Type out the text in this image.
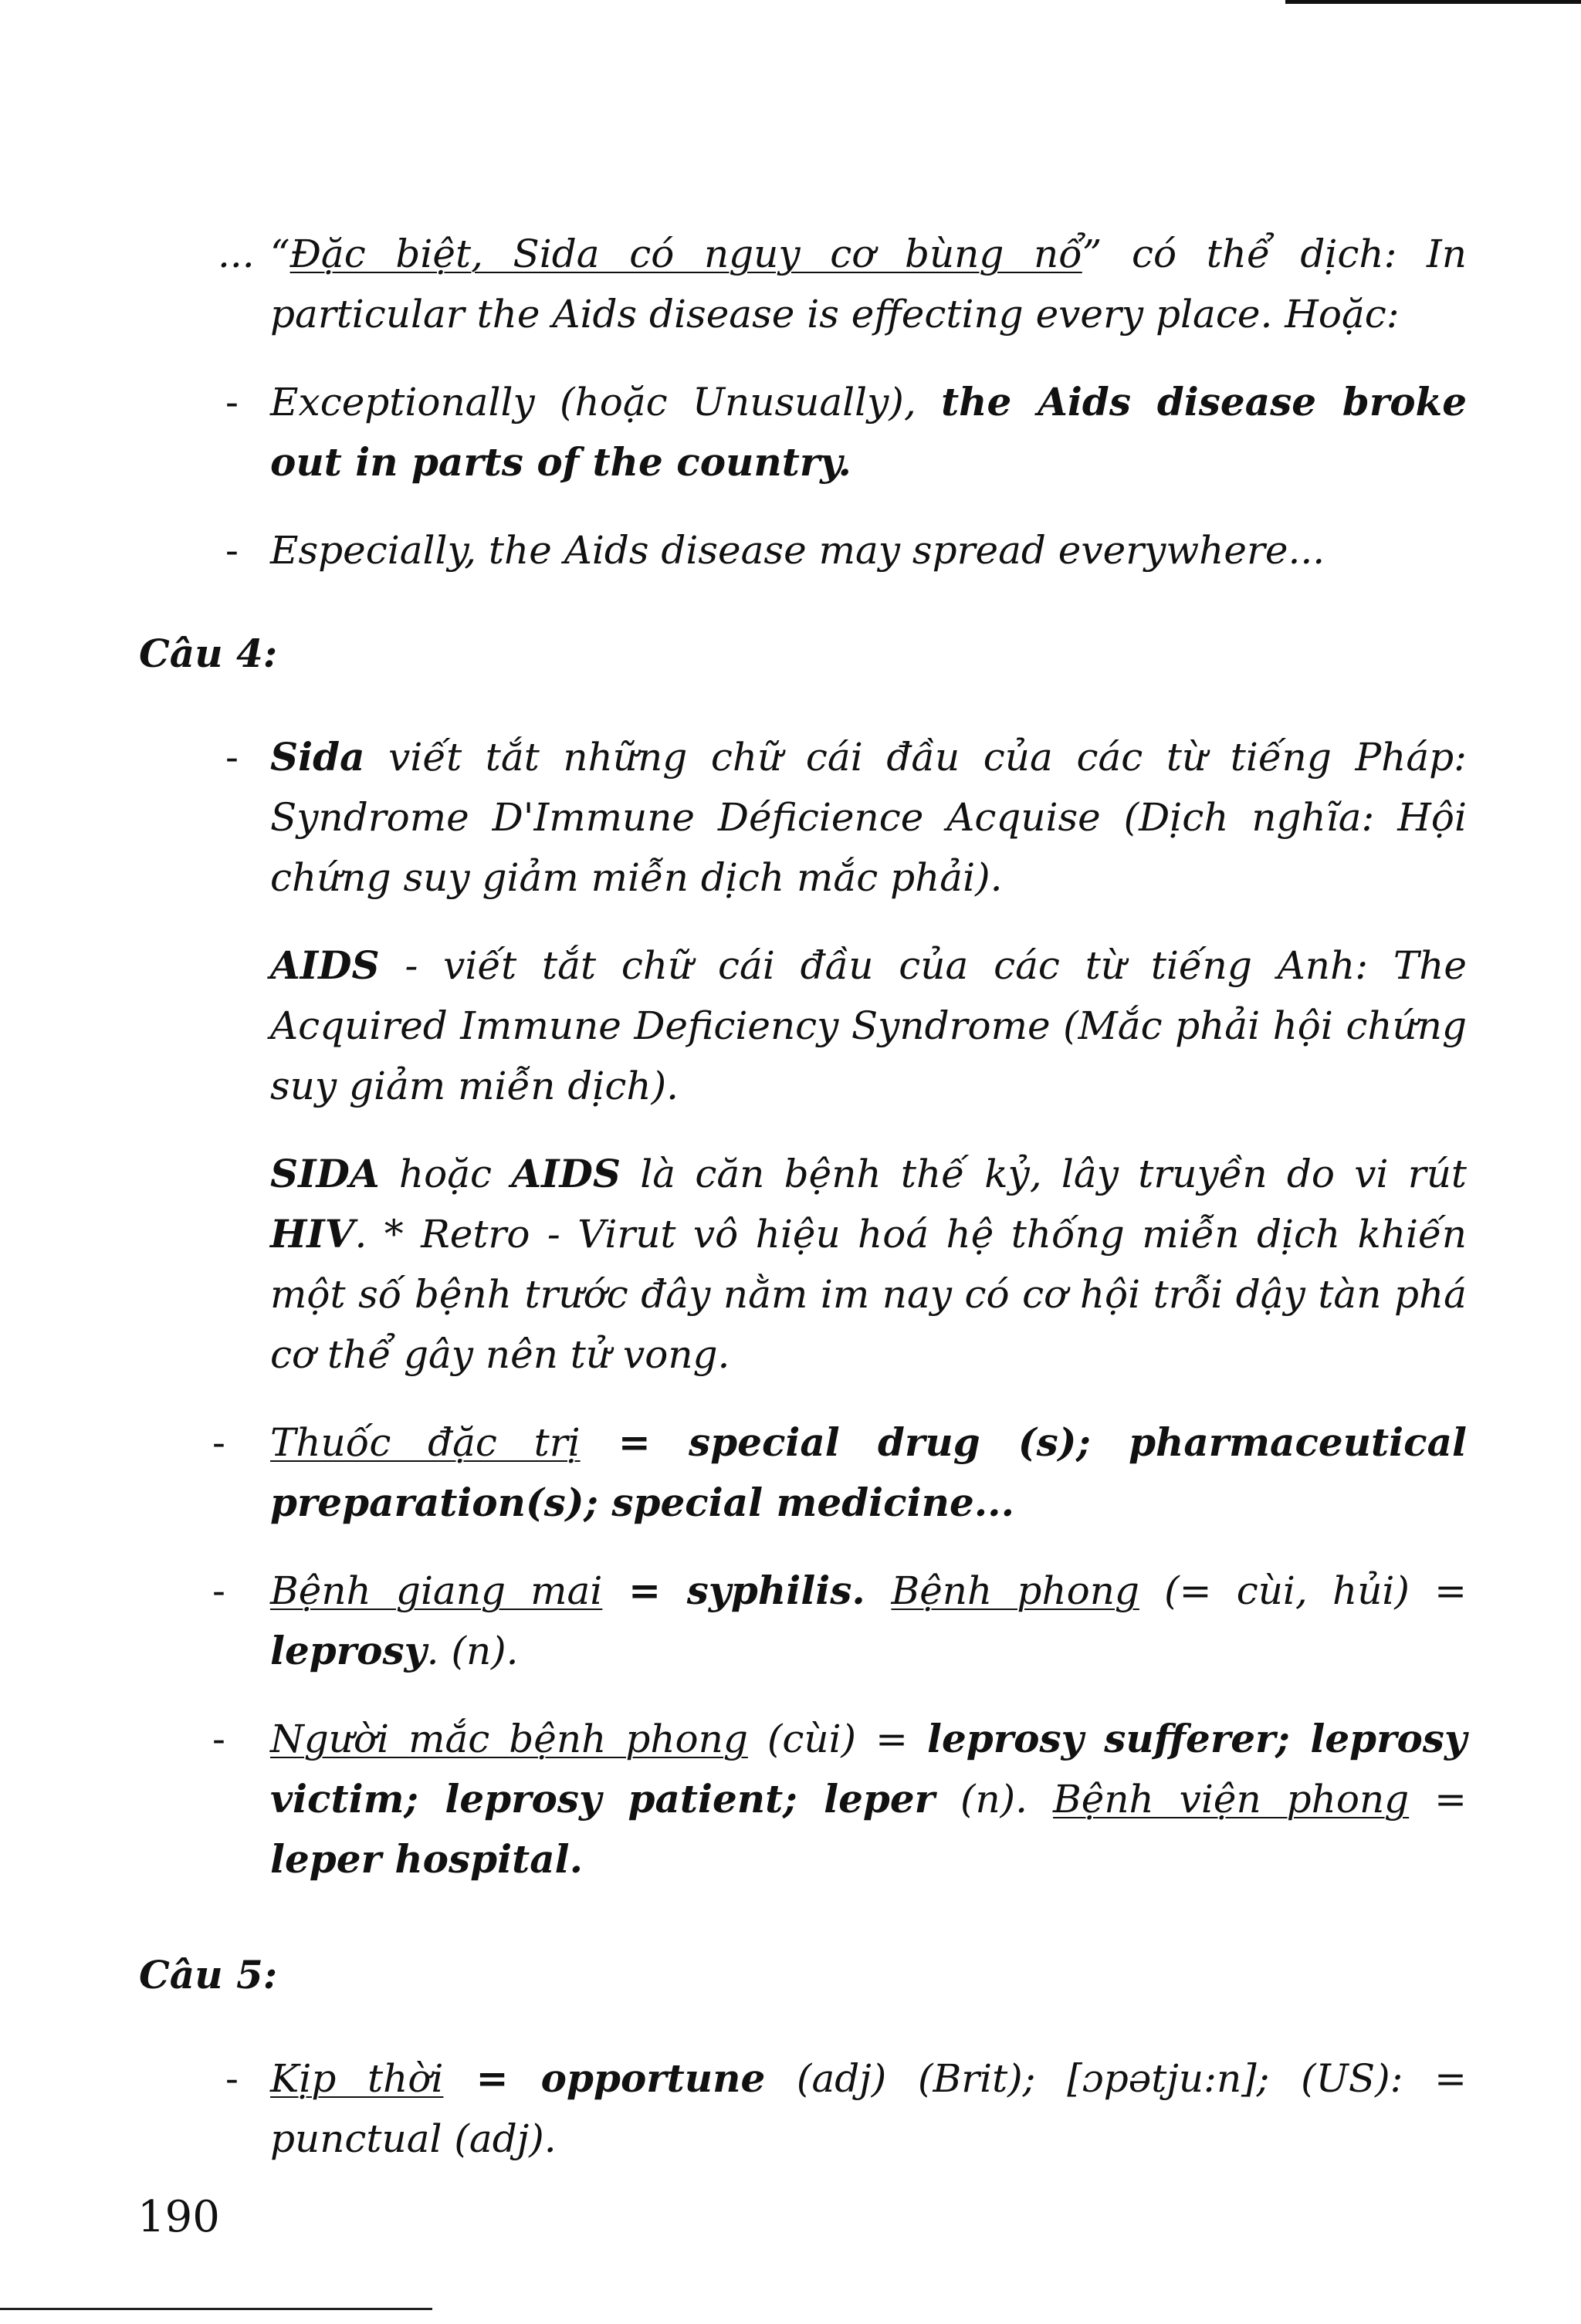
... “Đặc biệt, Sida có nguy cơ bùng nổ” có thể dịch: In particular the Aids disease is effecting every place. Hoặc:

- Exceptionally (hoặc Unusually), the Aids disease broke out in parts of the country.

- Especially, the Aids disease may spread everywhere...

Câu 4:

- Sida viết tắt những chữ cái đầu của các từ tiếng Pháp: Syndrome D'Immune Déficience Acquise (Dịch nghĩa: Hội chứng suy giảm miễn dịch mắc phải).

AIDS - viết tắt chữ cái đầu của các từ tiếng Anh: The Acquired Immune Deficiency Syndrome (Mắc phải hội chứng suy giảm miễn dịch).

SIDA hoặc AIDS là căn bệnh thế kỷ, lây truyền do vi rút HIV. * Retro - Virut vô hiệu hoá hệ thống miễn dịch khiến một số bệnh trước đây nằm im nay có cơ hội trỗi dậy tàn phá cơ thể gây nên tử vong.

- Thuốc đặc trị = special drug (s); pharmaceutical preparation(s); special medicine...

- Bệnh giang mai = syphilis. Bệnh phong (= cùi, hủi) = leprosy. (n).

- Người mắc bệnh phong (cùi) = leprosy sufferer; leprosy victim; leprosy patient; leper (n). Bệnh viện phong = leper hospital.

Câu 5:

- Kịp thời = opportune (adj) (Brit); [ɔpətju:n]; (US): = punctual (adj).

190
